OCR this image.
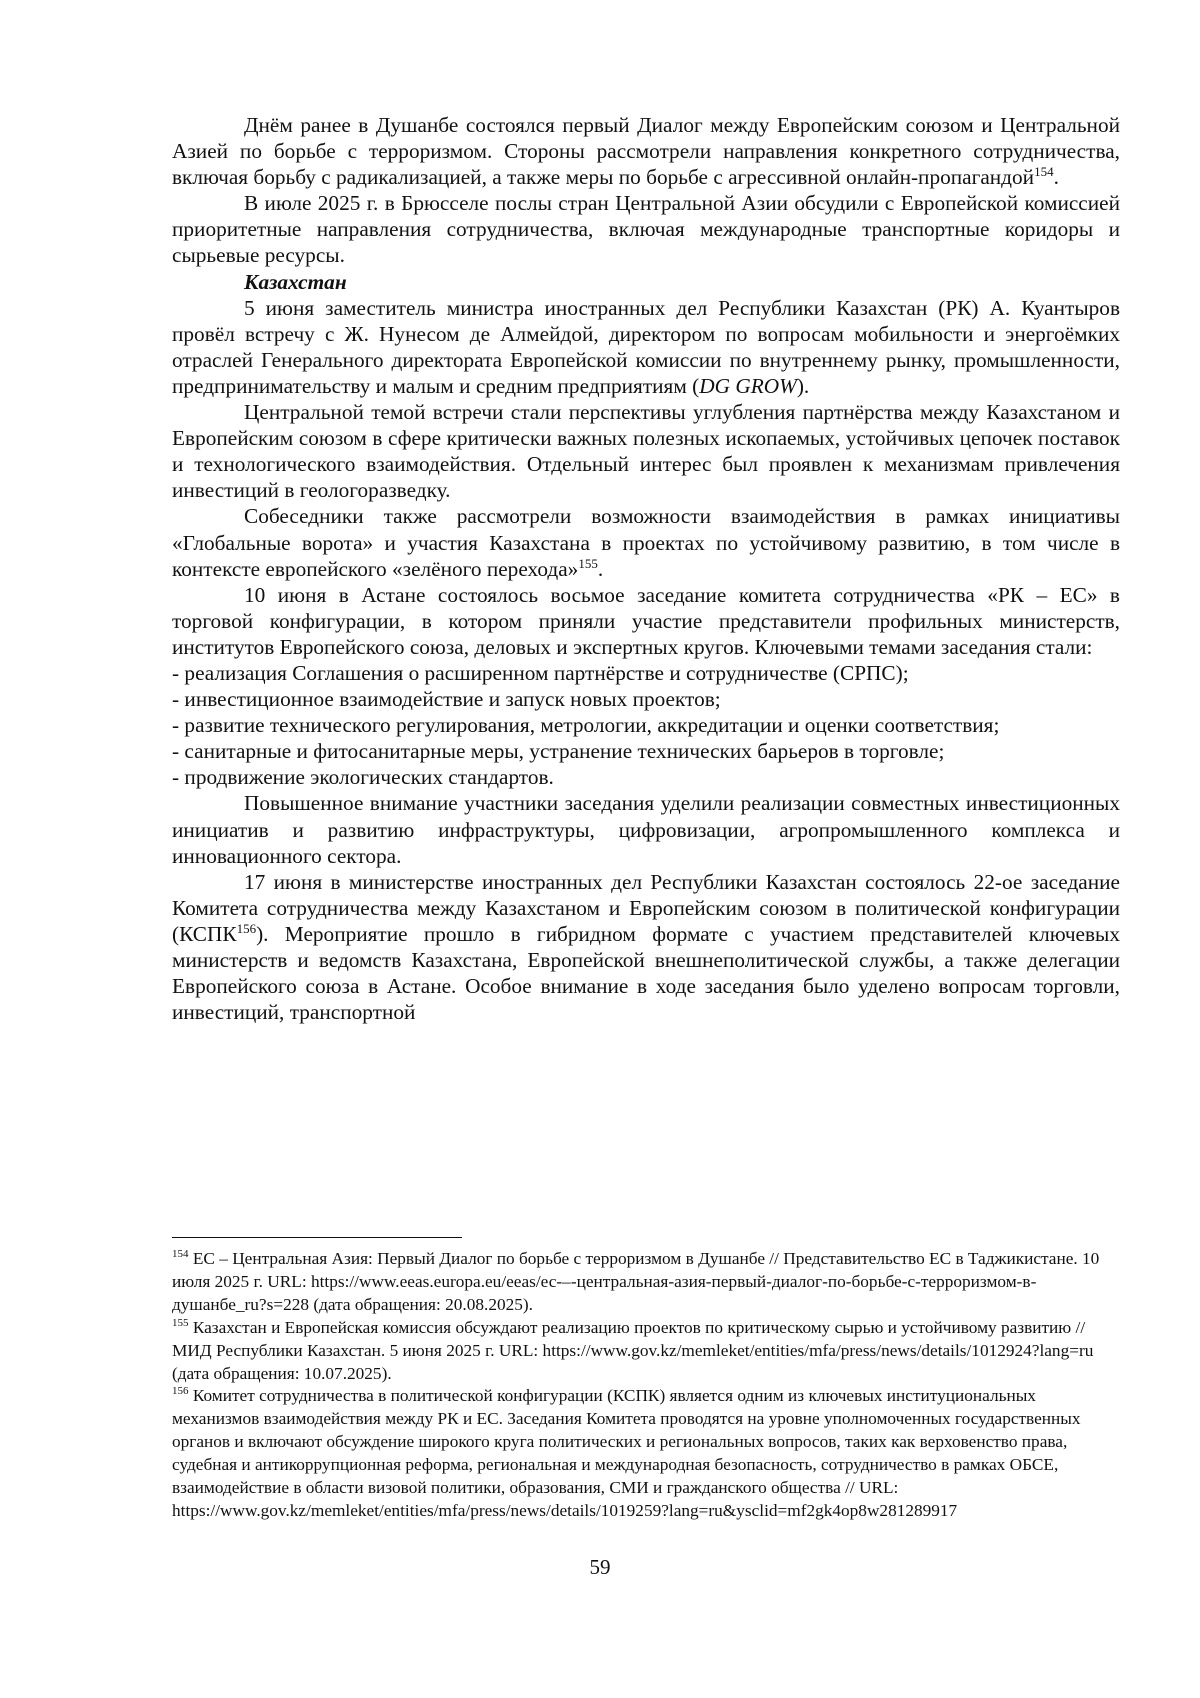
Днём ранее в Душанбе состоялся первый Диалог между Европейским союзом и Центральной Азией по борьбе с терроризмом. Стороны рассмотрели направления конкретного сотрудничества, включая борьбу с радикализацией, а также меры по борьбе с агрессивной онлайн-пропагандой$^{154}$.

В июле 2025 г. в Брюсселе послы стран Центральной Азии обсудили с Европейской комиссией приоритетные направления сотрудничества, включая международные транспортные коридоры и сырьевые ресурсы.

Казахстан

5 июня заместитель министра иностранных дел Республики Казахстан (РК) А. Куантыров провёл встречу с Ж. Нунесом де Алмейдой, директором по вопросам мобильности и энергоёмких отраслей Генерального директората Европейской комиссии по внутреннему рынку, промышленности, предпринимательству и малым и средним предприятиям (DG GROW).

Центральной темой встречи стали перспективы углубления партнёрства между Казахстаном и Европейским союзом в сфере критически важных полезных ископаемых, устойчивых цепочек поставок и технологического взаимодействия. Отдельный интерес был проявлен к механизмам привлечения инвестиций в геологоразведку.

Собеседники также рассмотрели возможности взаимодействия в рамках инициативы «Глобальные ворота» и участия Казахстана в проектах по устойчивому развитию, в том числе в контексте европейского «зелёного перехода»$^{155}$.

10 июня в Астане состоялось восьмое заседание комитета сотрудничества «РК – ЕС» в торговой конфигурации, в котором приняли участие представители профильных министерств, институтов Европейского союза, деловых и экспертных кругов. Ключевыми темами заседания стали:

- реализация Соглашения о расширенном партнёрстве и сотрудничестве (СРПС);

- инвестиционное взаимодействие и запуск новых проектов;

- развитие технического регулирования, метрологии, аккредитации и оценки соответствия;

- санитарные и фитосанитарные меры, устранение технических барьеров в торговле;

- продвижение экологических стандартов.

Повышенное внимание участники заседания уделили реализации совместных инвестиционных инициатив и развитию инфраструктуры, цифровизации, агропромышленного комплекса и инновационного сектора.

17 июня в министерстве иностранных дел Республики Казахстан состоялось 22-ое заседание Комитета сотрудничества между Казахстаном и Европейским союзом в политической конфигурации (КСПК$^{156}$). Мероприятие прошло в гибридном формате с участием представителей ключевых министерств и ведомств Казахстана, Европейской внешнеполитической службы, а также делегации Европейского союза в Астане. Особое внимание в ходе заседания было уделено вопросам торговли, инвестиций, транспортной

$^{154}$ ЕС – Центральная Азия: Первый Диалог по борьбе с терроризмом в Душанбе // Представительство ЕС в Таджикистане. 10 июля 2025 г. URL: https://www.eeas.europa.eu/eeas/ес-–-центральная-азия-первый-диалог-по-борьбе-с-терроризмом-в-душанбе_ru?s=228 (дата обращения: 20.08.2025).

$^{155}$ Казахстан и Европейская комиссия обсуждают реализацию проектов по критическому сырью и устойчивому развитию // МИД Республики Казахстан. 5 июня 2025 г. URL: https://www.gov.kz/memleket/entities/mfa/press/news/details/1012924?lang=ru (дата обращения: 10.07.2025).

$^{156}$ Комитет сотрудничества в политической конфигурации (КСПК) является одним из ключевых институциональных механизмов взаимодействия между РК и ЕС. Заседания Комитета проводятся на уровне уполномоченных государственных органов и включают обсуждение широкого круга политических и региональных вопросов, таких как верховенство права, судебная и антикоррупционная реформа, региональная и международная безопасность, сотрудничество в рамках ОБСЕ, взаимодействие в области визовой политики, образования, СМИ и гражданского общества // URL: https://www.gov.kz/memleket/entities/mfa/press/news/details/1019259?lang=ru&ysclid=mf2gk4op8w281289917

59
